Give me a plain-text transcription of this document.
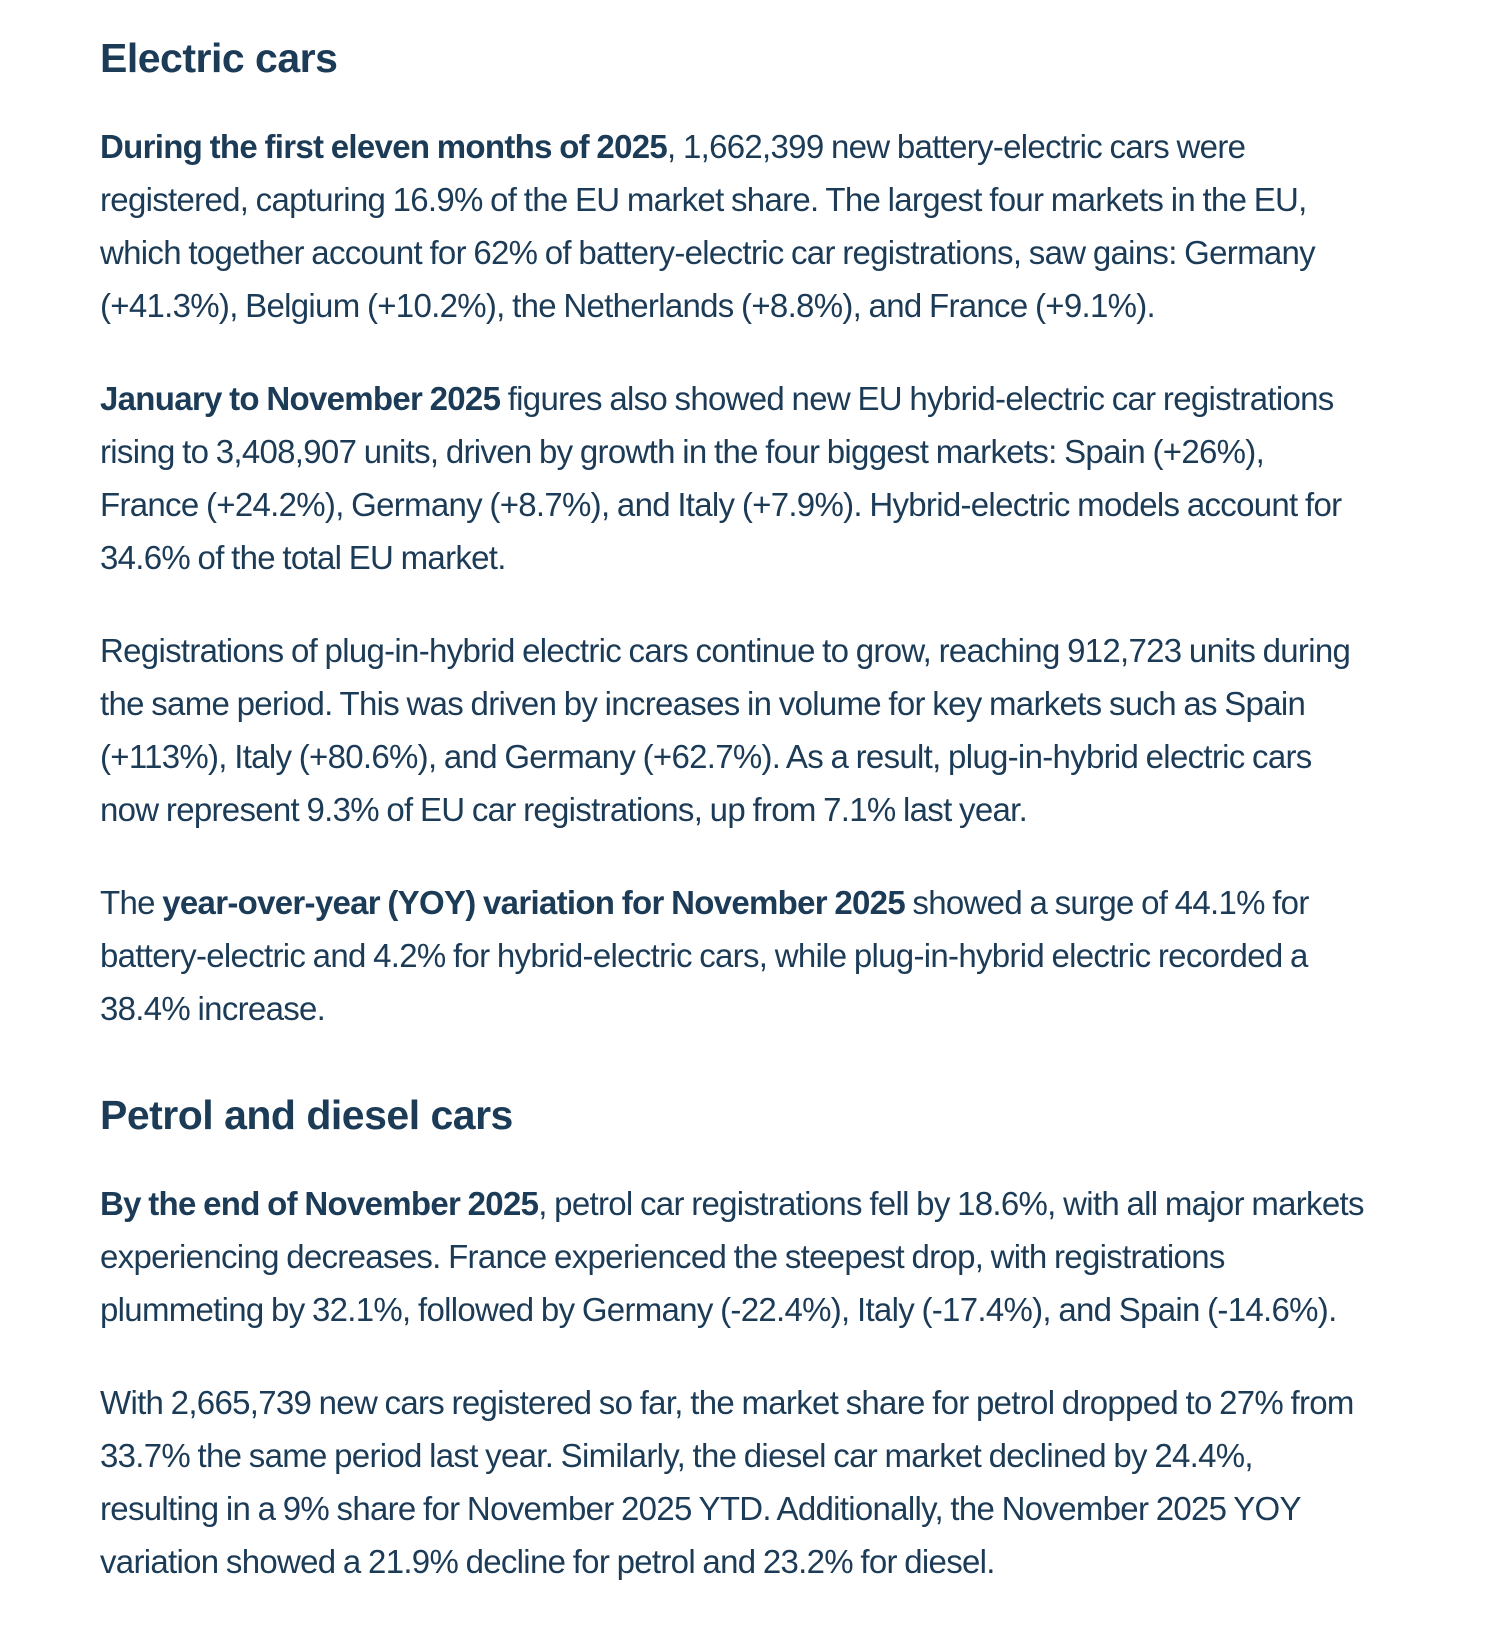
Electric cars

During the first eleven months of 2025, 1,662,399 new battery-electric cars were registered, capturing 16.9% of the EU market share. The largest four markets in the EU, which together account for 62% of battery-electric car registrations, saw gains: Germany (+41.3%), Belgium (+10.2%), the Netherlands (+8.8%), and France (+9.1%).

January to November 2025 figures also showed new EU hybrid-electric car registrations rising to 3,408,907 units, driven by growth in the four biggest markets: Spain (+26%), France (+24.2%), Germany (+8.7%), and Italy (+7.9%). Hybrid-electric models account for 34.6% of the total EU market.

Registrations of plug-in-hybrid electric cars continue to grow, reaching 912,723 units during the same period. This was driven by increases in volume for key markets such as Spain (+113%), Italy (+80.6%), and Germany (+62.7%). As a result, plug-in-hybrid electric cars now represent 9.3% of EU car registrations, up from 7.1% last year.

The year-over-year (YOY) variation for November 2025 showed a surge of 44.1% for battery-electric and 4.2% for hybrid-electric cars, while plug-in-hybrid electric recorded a 38.4% increase.

Petrol and diesel cars

By the end of November 2025, petrol car registrations fell by 18.6%, with all major markets experiencing decreases. France experienced the steepest drop, with registrations plummeting by 32.1%, followed by Germany (-22.4%), Italy (-17.4%), and Spain (-14.6%).

With 2,665,739 new cars registered so far, the market share for petrol dropped to 27% from 33.7% the same period last year. Similarly, the diesel car market declined by 24.4%, resulting in a 9% share for November 2025 YTD. Additionally, the November 2025 YOY variation showed a 21.9% decline for petrol and 23.2% for diesel.
